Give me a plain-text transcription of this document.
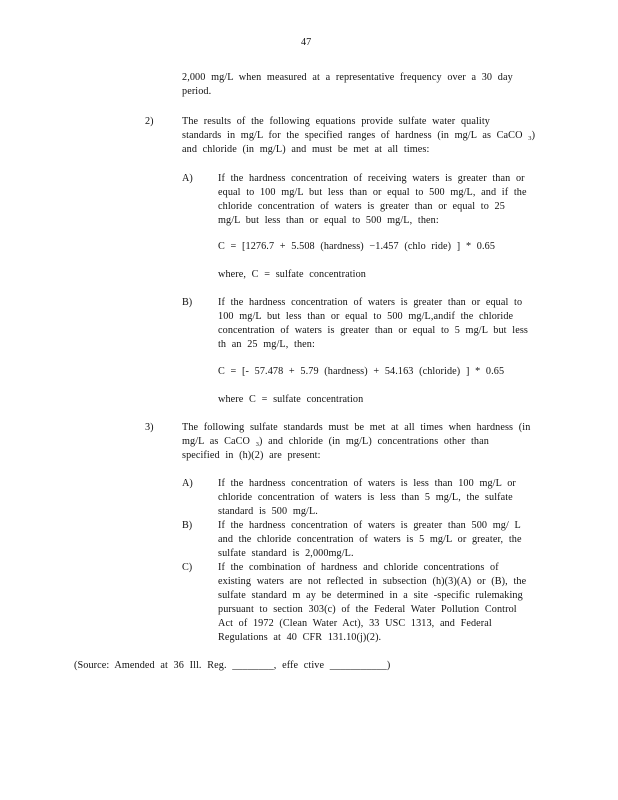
47
2,000 mg/L when measured at a representative frequency over a 30 day
period.
2)	The results of the following equations provide sulfate water quality
standards in mg/L for the specified ranges of hardness (in mg/L as CaCO $_3$)
and chloride (in mg/L) and must be met at all times:
A) If the hardness concentration of receiving waters is greater than or
equal to 100 mg/L but less than or equal to 500 mg/L, and if the
chloride concentration of waters is greater than or equal to 25
mg/L but less than or equal to 500 mg/L, then:
C = [1276.7 + 5.508 (hardness) −1.457 (chlo ride) ] * 0.65
where, C = sulfate concentration
B)	If the hardness concentration of waters is greater than or equal to
100 mg/L but less than or equal to 500 mg/L,andif the chloride
concentration of waters is greater than or equal to 5 mg/L but less
th an 25 mg/L, then:
C = [- 57.478 + 5.79 (hardness) + 54.163 (chloride) ] * 0.65
where C = sulfate concentration
3)	The following sulfate standards must be met at all times when hardness (in
mg/L as CaCO $_3$) and chloride (in mg/L) concentrations other than
specified in (h)(2) are present:
A) If the hardness concentration of waters is less than 100 mg/L or
chloride concentration of waters is less than 5 mg/L, the sulfate
standard is 500 mg/L.
B)	If the hardness concentration of waters is greater than 500 mg/ L
and the chloride concentration of waters is 5 mg/L or greater, the
sulfate standard is 2,000mg/L.
C)	If the combination of hardness and chloride concentrations of
existing waters are not reflected in subsection (h)(3)(A) or (B), the
sulfate standard m ay be determined in a site -specific rulemaking
pursuant to section 303(c) of the Federal Water Pollution Control
Act of 1972 (Clean Water Act), 33 USC 1313, and Federal
Regulations at 40 CFR 131.10(j)(2).
(Source: Amended at 36 Ill. Reg. ________, effe ctive ___________)
